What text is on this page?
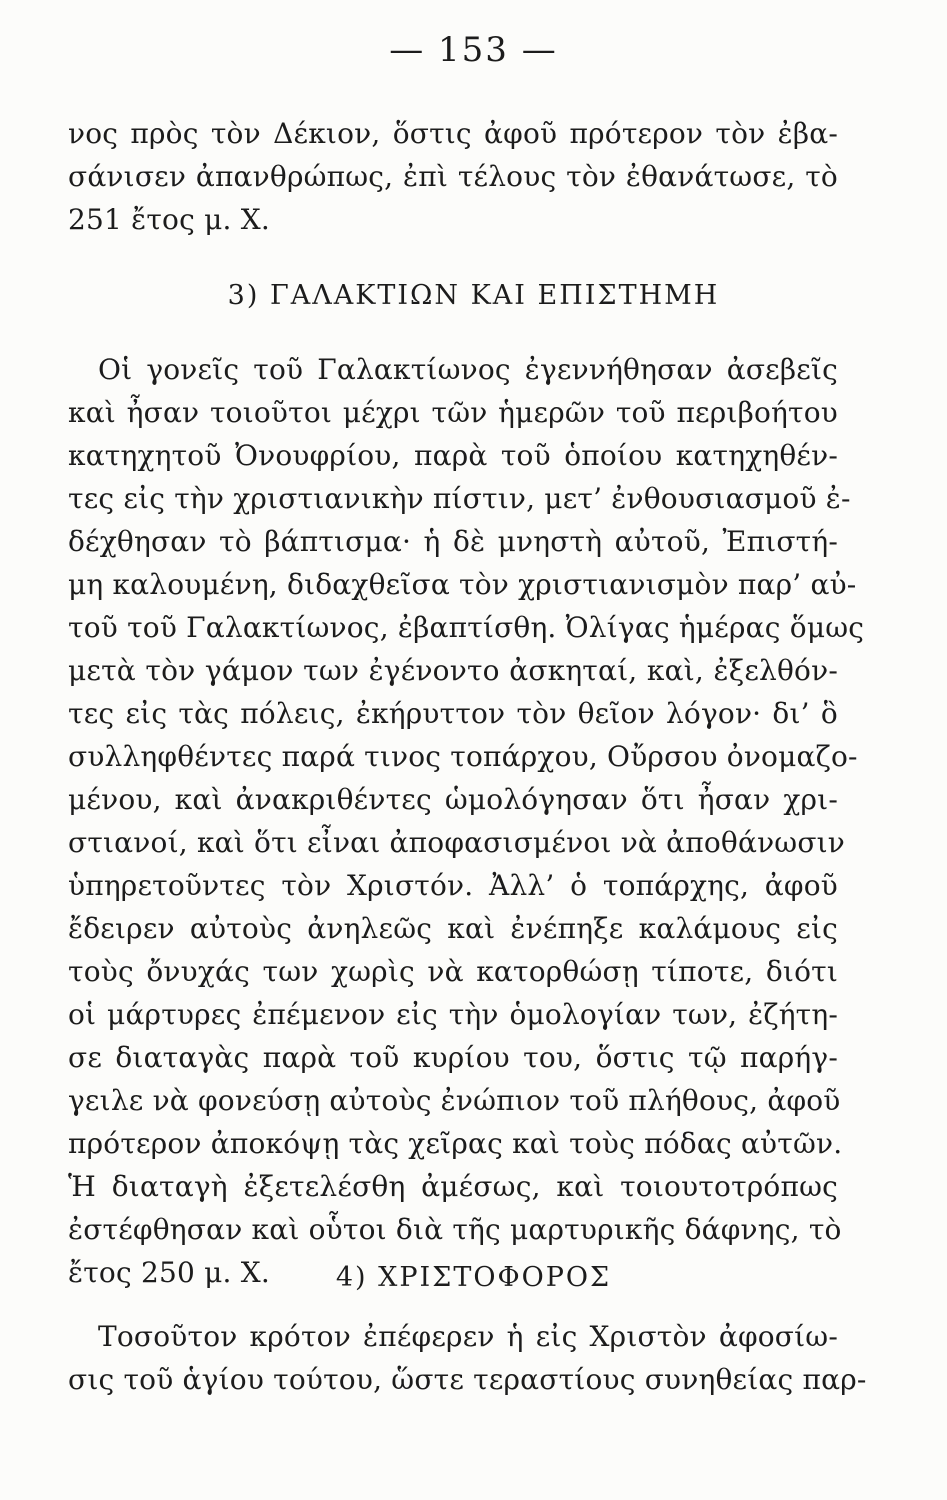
— 153 —
νος πρὸς τὸν Δέκιον, ὅστις ἀφοῦ πρότερον τὸν ἐβα-
σάνισεν ἀπανθρώπως, ἐπὶ τέλους τὸν ἐθανάτωσε, τὸ
251 ἔτος μ. Χ.
3) ΓΑΛΑΚΤΙΩΝ ΚΑΙ ΕΠΙΣΤΗΜΗ
Οἱ γονεῖς τοῦ Γαλακτίωνος ἐγεννήθησαν ἀσεβεῖς
καὶ ἦσαν τοιοῦτοι μέχρι τῶν ἡμερῶν τοῦ περιβοήτου
κατηχητοῦ Ὀνουφρίου, παρὰ τοῦ ὁποίου κατηχηθέν-
τες εἰς τὴν χριστιανικὴν πίστιν, μετ’ ἐνθουσιασμοῦ ἐ-
δέχθησαν τὸ βάπτισμα· ἡ δὲ μνηστὴ αὐτοῦ, Ἐπιστή-
μη καλουμένη, διδαχθεῖσα τὸν χριστιανισμὸν παρ’ αὐ-
τοῦ τοῦ Γαλακτίωνος, ἐβαπτίσθη. Ὀλίγας ἡμέρας ὅμως
μετὰ τὸν γάμον των ἐγένοντο ἀσκηταί, καὶ, ἐξελθόν-
τες εἰς τὰς πόλεις, ἐκήρυττον τὸν θεῖον λόγον· δι’ ὃ
συλληφθέντες παρά τινος τοπάρχου, Οὔρσου ὀνομαζο-
μένου, καὶ ἀνακριθέντες ὡμολόγησαν ὅτι ἦσαν χρι-
στιανοί, καὶ ὅτι εἶναι ἀποφασισμένοι νὰ ἀποθάνωσιν
ὑπηρετοῦντες τὸν Χριστόν. Ἀλλ’ ὁ τοπάρχης, ἀφοῦ
ἔδειρεν αὐτοὺς ἀνηλεῶς καὶ ἐνέπηξε καλάμους εἰς
τοὺς ὄνυχάς των χωρὶς νὰ κατορθώσῃ τίποτε, διότι
οἱ μάρτυρες ἐπέμενον εἰς τὴν ὁμολογίαν των, ἐζήτη-
σε διαταγὰς παρὰ τοῦ κυρίου του, ὅστις τῷ παρήγ-
γειλε νὰ φονεύσῃ αὐτοὺς ἐνώπιον τοῦ πλήθους, ἀφοῦ
πρότερον ἀποκόψῃ τὰς χεῖρας καὶ τοὺς πόδας αὐτῶν.
Ἡ διαταγὴ ἐξετελέσθη ἀμέσως, καὶ τοιουτοτρόπως
ἐστέφθησαν καὶ οὗτοι διὰ τῆς μαρτυρικῆς δάφνης, τὸ
ἔτος 250 μ. Χ.	4) ΧΡΙΣΤΟΦΟΡΟΣ
Τοσοῦτον κρότον ἐπέφερεν ἡ εἰς Χριστὸν ἀφοσίω-
σις τοῦ ἁγίου τούτου, ὥστε τεραστίους συνηθείας παρ-
